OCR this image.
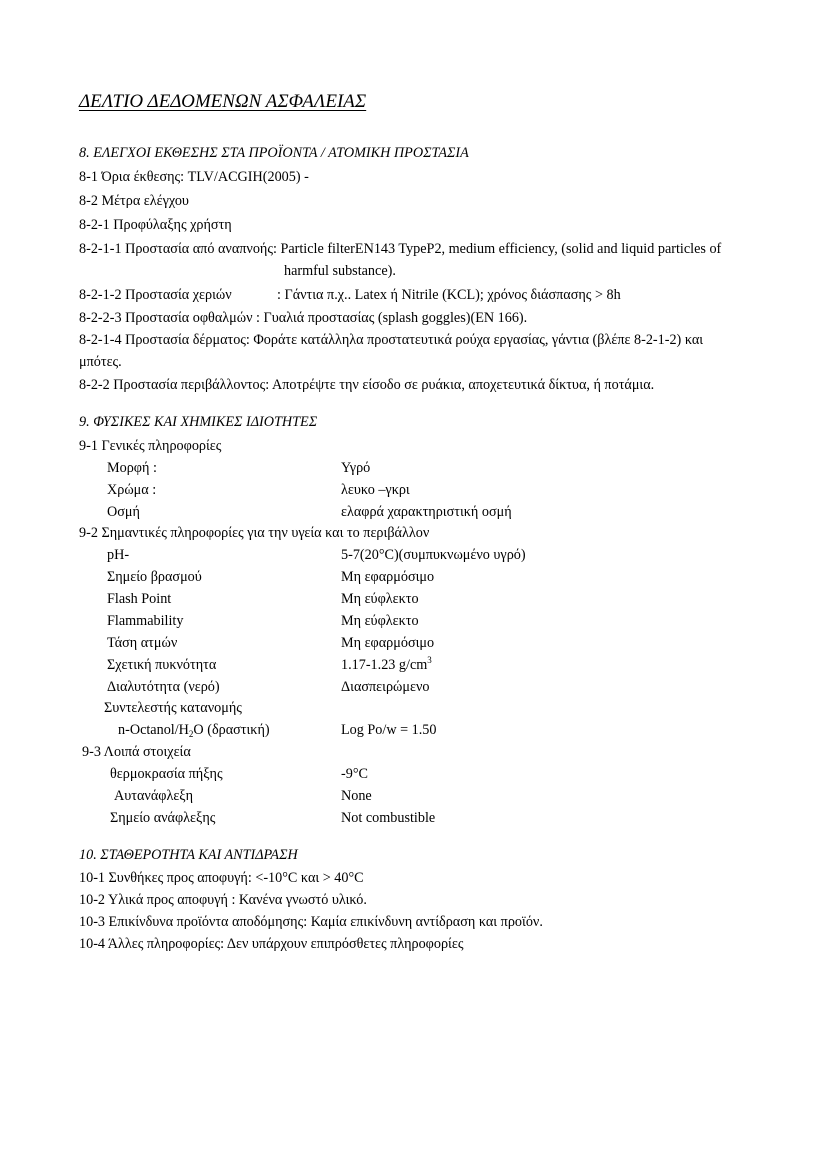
ΔΕΛΤΙΟ ΔΕΔΟΜΕΝΩΝ ΑΣΦΑΛΕΙΑΣ
8. ΕΛΕΓΧΟΙ ΕΚΘΕΣΗΣ ΣΤΑ ΠΡΟΪΟΝΤΑ / ΑΤΟΜΙΚΗ ΠΡΟΣΤΑΣΙΑ
8-1 Όρια έκθεσης: TLV/ACGIH(2005) -
8-2 Μέτρα ελέγχου
8-2-1 Προφύλαξης χρήστη
8-2-1-1 Προστασία από αναπνοής: Particle filterEN143 TypeP2, medium efficiency, (solid and liquid particles of
harmful substance).
8-2-1-2 Προστασία χεριών	: Γάντια π.χ.. Latex ή Nitrile (KCL); χρόνος διάσπασης > 8h
8-2-2-3 Προστασία οφθαλμών : Γυαλιά προστασίας (splash goggles)(EN 166).
8-2-1-4 Προστασία δέρματος: Φοράτε κατάλληλα προστατευτικά ρούχα εργασίας, γάντια (βλέπε 8-2-1-2) και
μπότες.
8-2-2 Προστασία περιβάλλοντος: Αποτρέψτε την είσοδο σε ρυάκια, αποχετευτικά δίκτυα, ή ποτάμια.
9. ΦΥΣΙΚΕΣ ΚΑΙ ΧΗΜΙΚΕΣ ΙΔΙΟΤΗΤΕΣ
9-1 Γενικές πληροφορίες
Μορφή :	Υγρό
Χρώμα :	λευκο –γκρι
Οσμή	ελαφρά χαρακτηριστική οσμή
9-2 Σημαντικές πληροφορίες για την υγεία και το περιβάλλον
pH-	5-7(20°C)(συμπυκνωμένο υγρό)
Σημείο βρασμού	Μη εφαρμόσιμο
Flash Point	Μη εύφλεκτο
Flammability	Μη εύφλεκτο
Τάση ατμών	Μη εφαρμόσιμο
Σχετική πυκνότητα	1.17-1.23 $g/cm^3$
Διαλυτότητα (νερό)	Διασπειρώμενο
Συντελεστής κατανομής
$n-Octanol/H_2O$ (δραστική)	Log Po/w = 1.50
9-3 Λοιπά στοιχεία
θερμοκρασία πήξης	-9°C
Αυτανάφλεξη	None
Σημείο ανάφλεξης	Not combustible
10. ΣΤΑΘΕΡΟΤΗΤΑ ΚΑΙ ΑΝΤΙΔΡΑΣΗ
10-1 Συνθήκες προς αποφυγή: <-10°C και > 40°C
10-2 Υλικά προς αποφυγή : Κανένα γνωστό υλικό.
10-3 Επικίνδυνα προϊόντα αποδόμησης: Καμία επικίνδυνη αντίδραση και προϊόν.
10-4 Άλλες πληροφορίες: Δεν υπάρχουν επιπρόσθετες πληροφορίες
